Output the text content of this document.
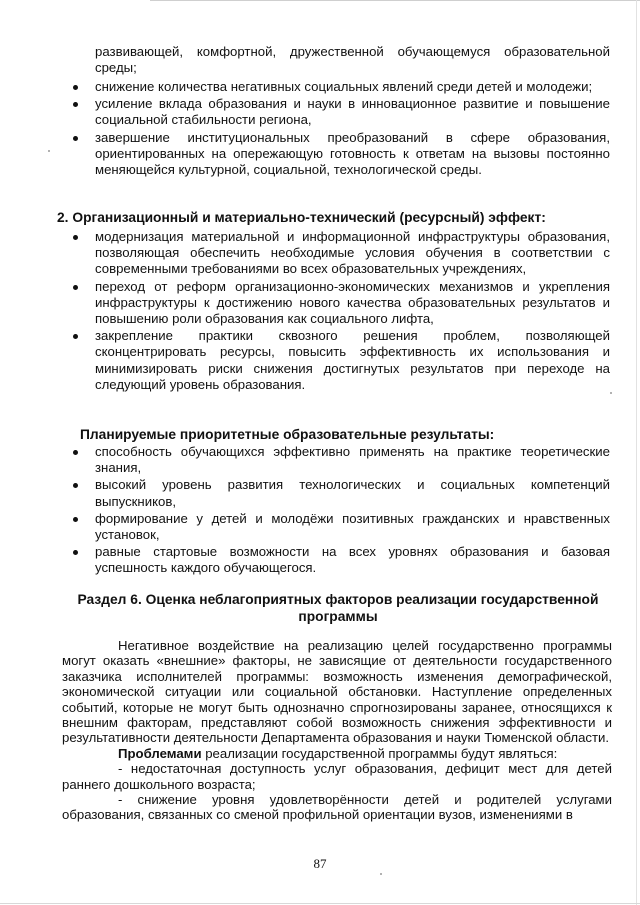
развивающей, комфортной, дружественной обучающемуся образовательной среды;
снижение количества негативных социальных явлений среди детей и молодежи;
усиление вклада образования и науки в инновационное развитие и повышение социальной стабильности региона,
завершение институциональных преобразований в сфере образования, ориентированных на опережающую готовность к ответам на вызовы постоянно меняющейся культурной, социальной, технологической среды.
2. Организационный и материально-технический (ресурсный) эффект:
модернизация материальной и информационной инфраструктуры образования, позволяющая обеспечить необходимые условия обучения в соответствии с современными требованиями во всех образовательных учреждениях,
переход от реформ организационно-экономических механизмов и укрепления инфраструктуры к достижению нового качества образовательных результатов и повышению роли образования как социального лифта,
закрепление практики сквозного решения проблем, позволяющей сконцентрировать ресурсы, повысить эффективность их использования и минимизировать риски снижения достигнутых результатов при переходе на следующий уровень образования.
Планируемые приоритетные образовательные результаты:
способность обучающихся эффективно применять на практике теоретические знания,
высокий уровень развития технологических и социальных компетенций выпускников,
формирование у детей и молодёжи позитивных гражданских и нравственных установок,
равные стартовые возможности на всех уровнях образования и базовая успешность каждого обучающегося.
Раздел 6. Оценка неблагоприятных факторов реализации государственной программы

Негативное воздействие на реализацию целей государственно программы могут оказать «внешние» факторы, не зависящие от деятельности государственного заказчика исполнителей программы: возможность изменения демографической, экономической ситуации или социальной обстановки. Наступление определенных событий, которые не могут быть однозначно спрогнозированы заранее, относящихся к внешним факторам, представляют собой возможность снижения эффективности и результативности деятельности Департамента образования и науки Тюменской области.

Проблемами реализации государственной программы будут являться:

- недостаточная доступность услуг образования, дефицит мест для детей раннего дошкольного возраста;

- снижение уровня удовлетворённости детей и родителей услугами образования, связанных со сменой профильной ориентации вузов, изменениями в

87
